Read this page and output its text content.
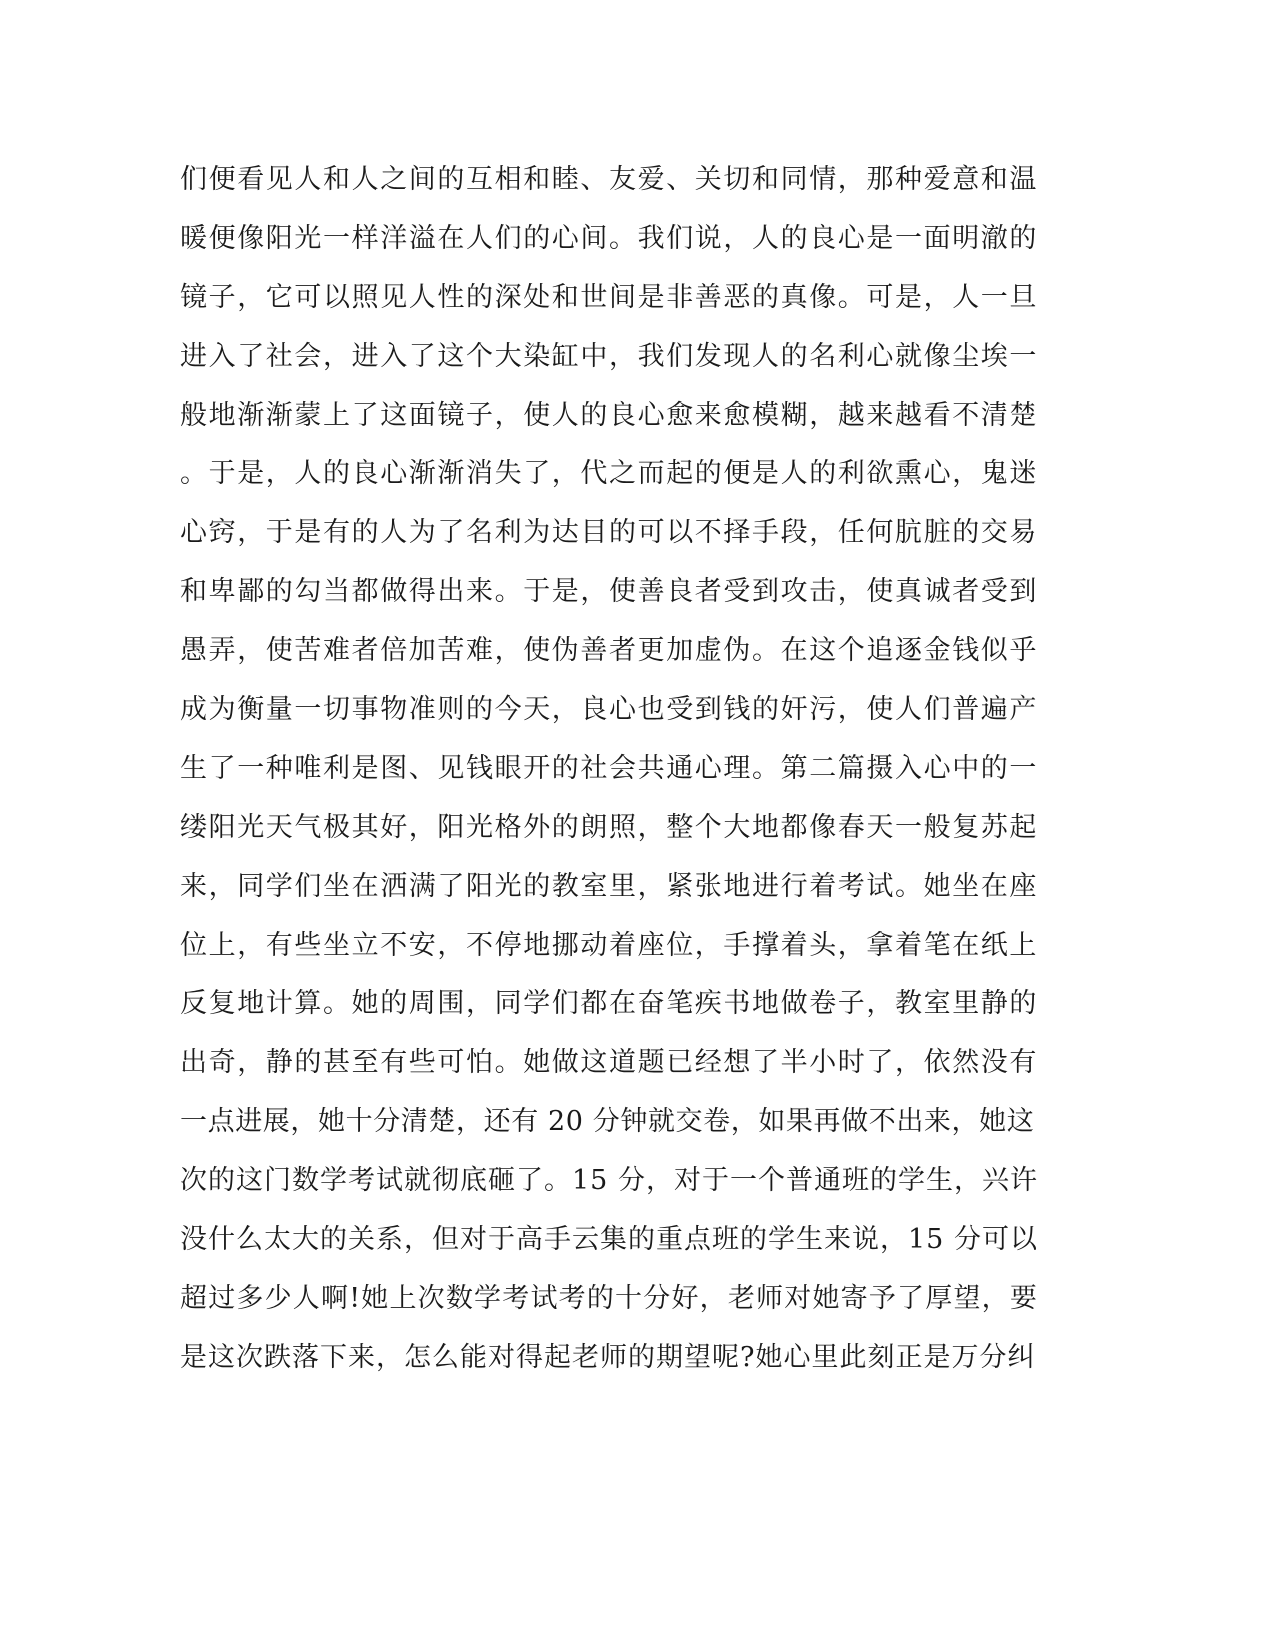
们便看见人和人之间的互相和睦、友爱、关切和同情，那种爱意和温
暖便像阳光一样洋溢在人们的心间。我们说，人的良心是一面明澈的
镜子，它可以照见人性的深处和世间是非善恶的真像。可是，人一旦
进入了社会，进入了这个大染缸中，我们发现人的名利心就像尘埃一
般地渐渐蒙上了这面镜子，使人的良心愈来愈模糊，越来越看不清楚
。于是，人的良心渐渐消失了，代之而起的便是人的利欲熏心，鬼迷
心窍，于是有的人为了名利为达目的可以不择手段，任何肮脏的交易
和卑鄙的勾当都做得出来。于是，使善良者受到攻击，使真诚者受到
愚弄，使苦难者倍加苦难，使伪善者更加虚伪。在这个追逐金钱似乎
成为衡量一切事物准则的今天，良心也受到钱的奸污，使人们普遍产
生了一种唯利是图、见钱眼开的社会共通心理。第二篇摄入心中的一
缕阳光天气极其好，阳光格外的朗照，整个大地都像春天一般复苏起
来，同学们坐在洒满了阳光的教室里，紧张地进行着考试。她坐在座
位上，有些坐立不安，不停地挪动着座位，手撑着头，拿着笔在纸上
反复地计算。她的周围，同学们都在奋笔疾书地做卷子，教室里静的
出奇，静的甚至有些可怕。她做这道题已经想了半小时了，依然没有
一点进展，她十分清楚，还有 20 分钟就交卷，如果再做不出来，她这
次的这门数学考试就彻底砸了。15 分，对于一个普通班的学生，兴许
没什么太大的关系，但对于高手云集的重点班的学生来说，15 分可以
超过多少人啊!她上次数学考试考的十分好，老师对她寄予了厚望，要
是这次跌落下来，怎么能对得起老师的期望呢?她心里此刻正是万分纠
